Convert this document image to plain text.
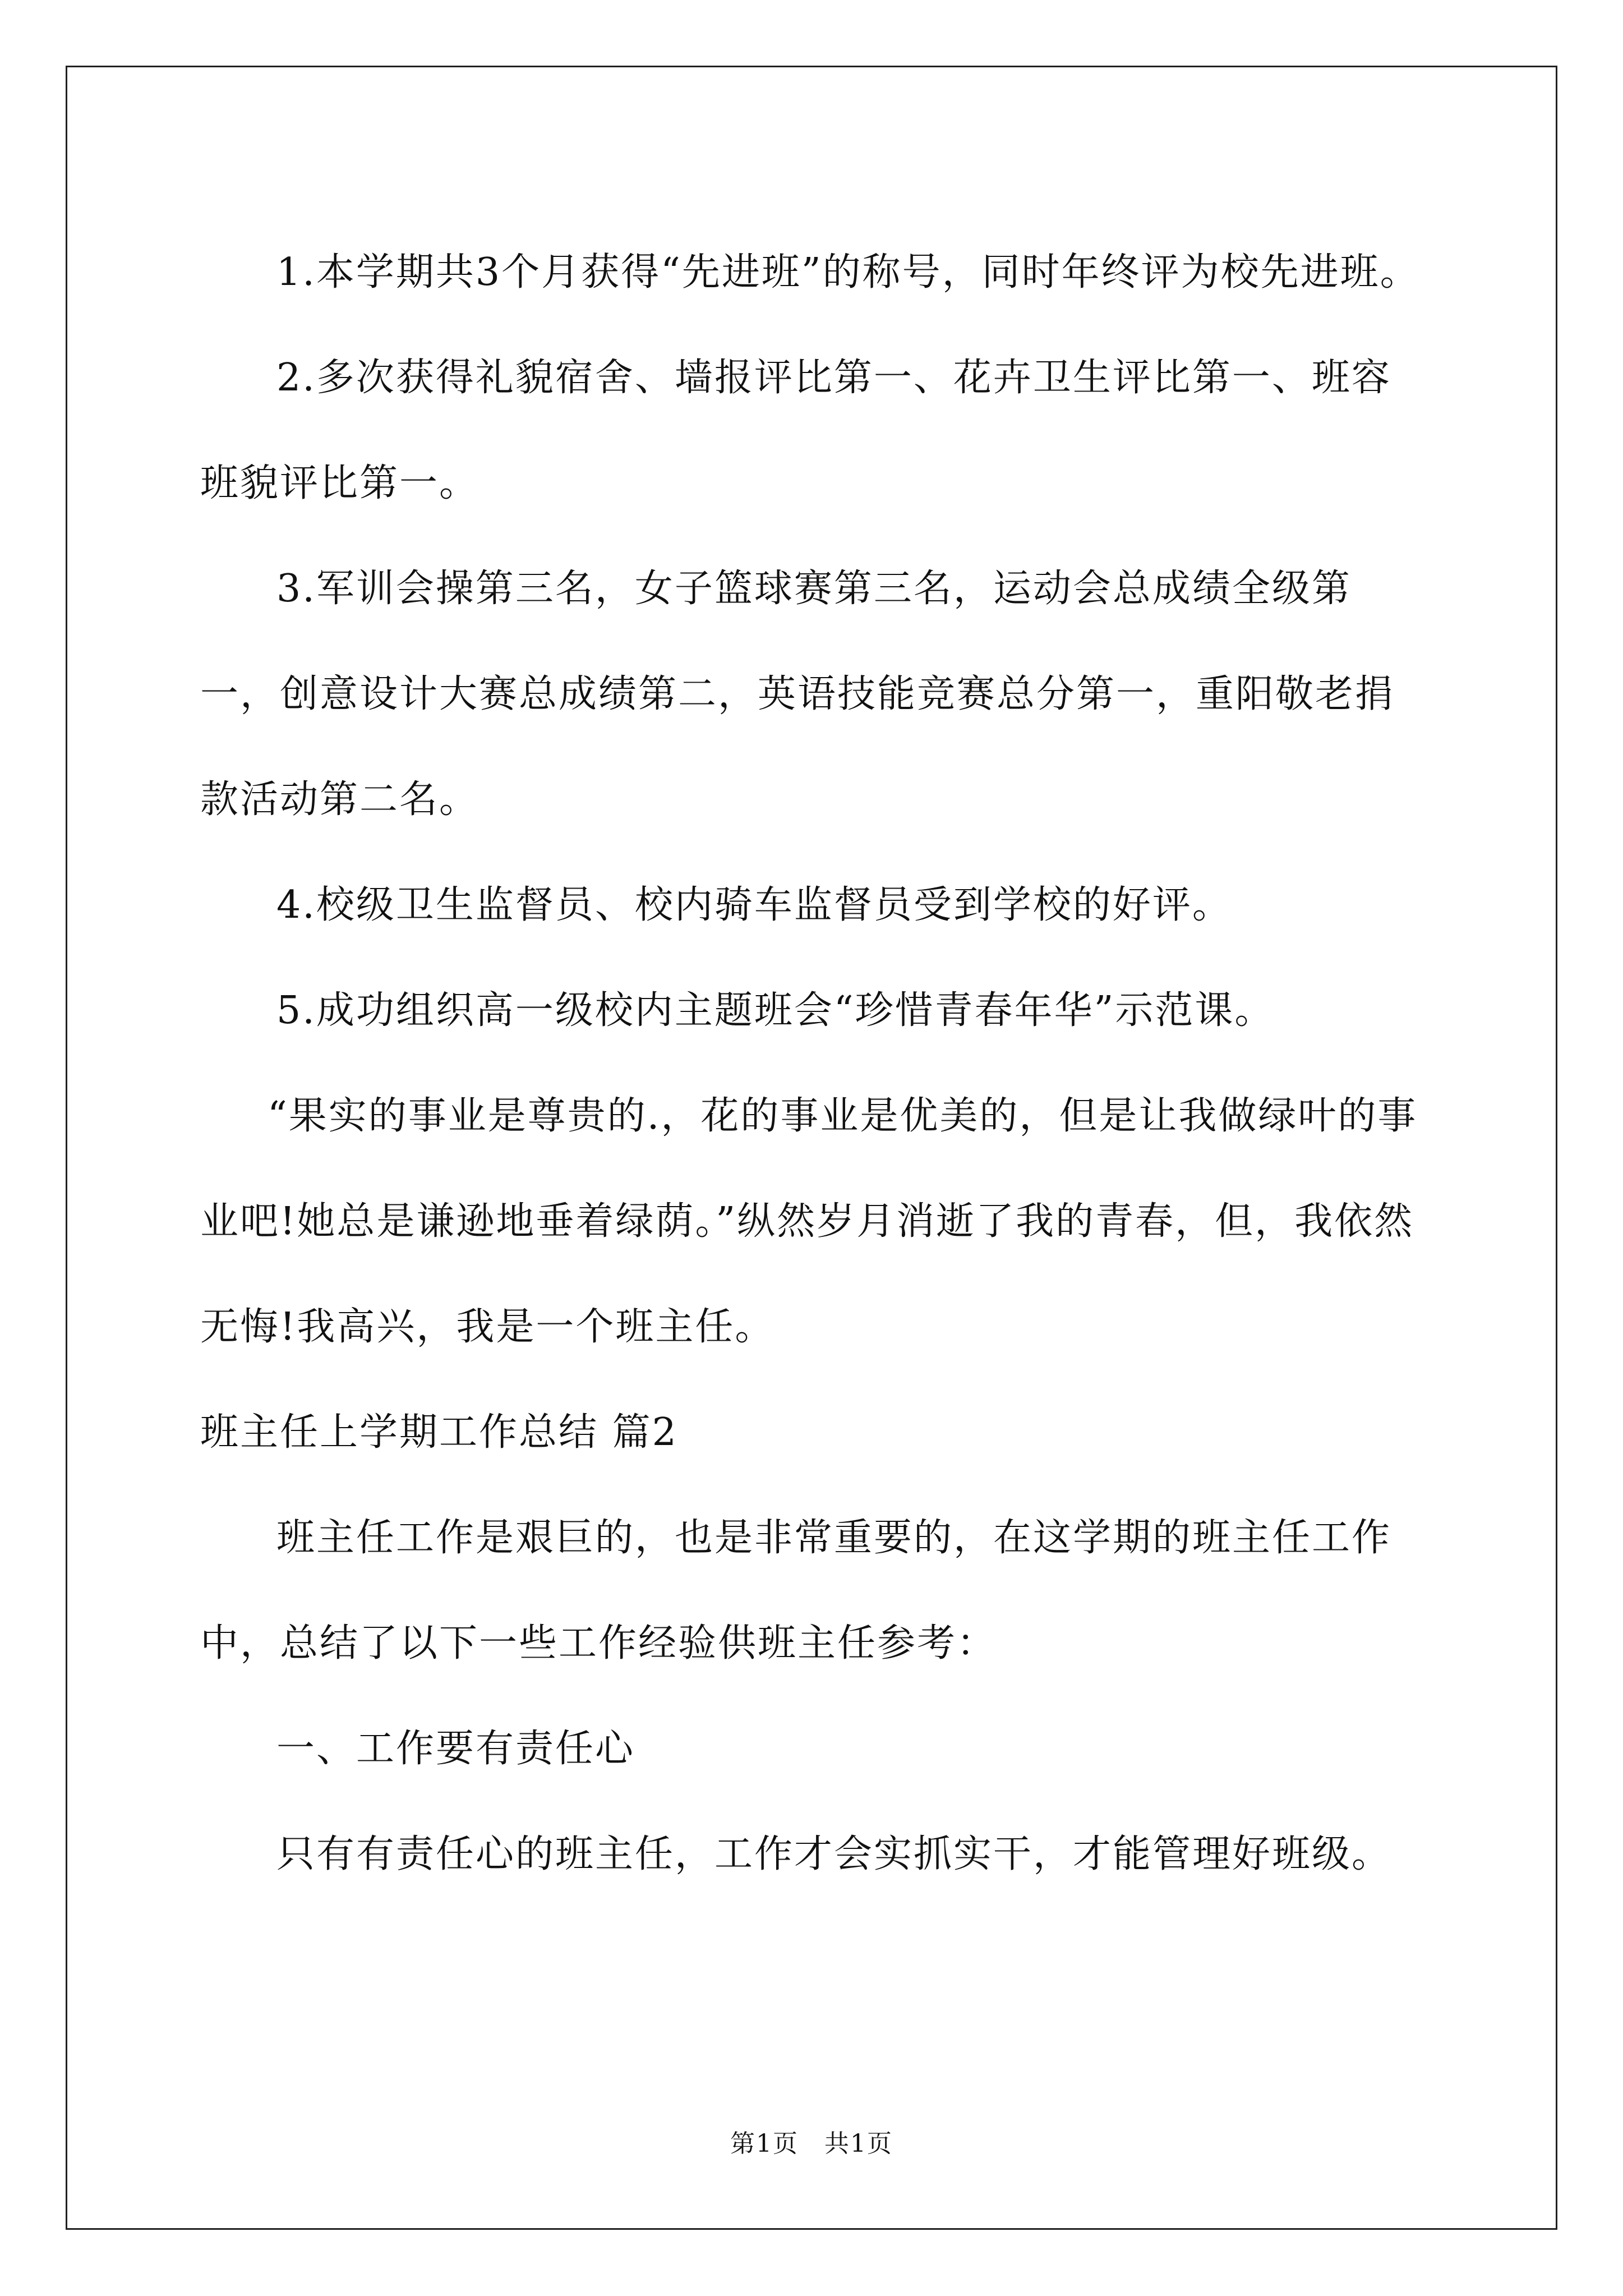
1.本学期共3个月获得“先进班”的称号，同时年终评为校先进班。

2.多次获得礼貌宿舍、墙报评比第一、花卉卫生评比第一、班容班貌评比第一。

3.军训会操第三名，女子篮球赛第三名，运动会总成绩全级第一，创意设计大赛总成绩第二，英语技能竞赛总分第一，重阳敬老捐款活动第二名。

4.校级卫生监督员、校内骑车监督员受到学校的好评。

5.成功组织高一级校内主题班会“珍惜青春年华”示范课。

“果实的事业是尊贵的.，花的事业是优美的，但是让我做绿叶的事业吧!她总是谦逊地垂着绿荫。”纵然岁月消逝了我的青春，但，我依然无悔!我高兴，我是一个班主任。

班主任上学期工作总结 篇2

班主任工作是艰巨的，也是非常重要的，在这学期的班主任工作中，总结了以下一些工作经验供班主任参考：

一、工作要有责任心

只有有责任心的班主任，工作才会实抓实干，才能管理好班级。

第1页　共1页
